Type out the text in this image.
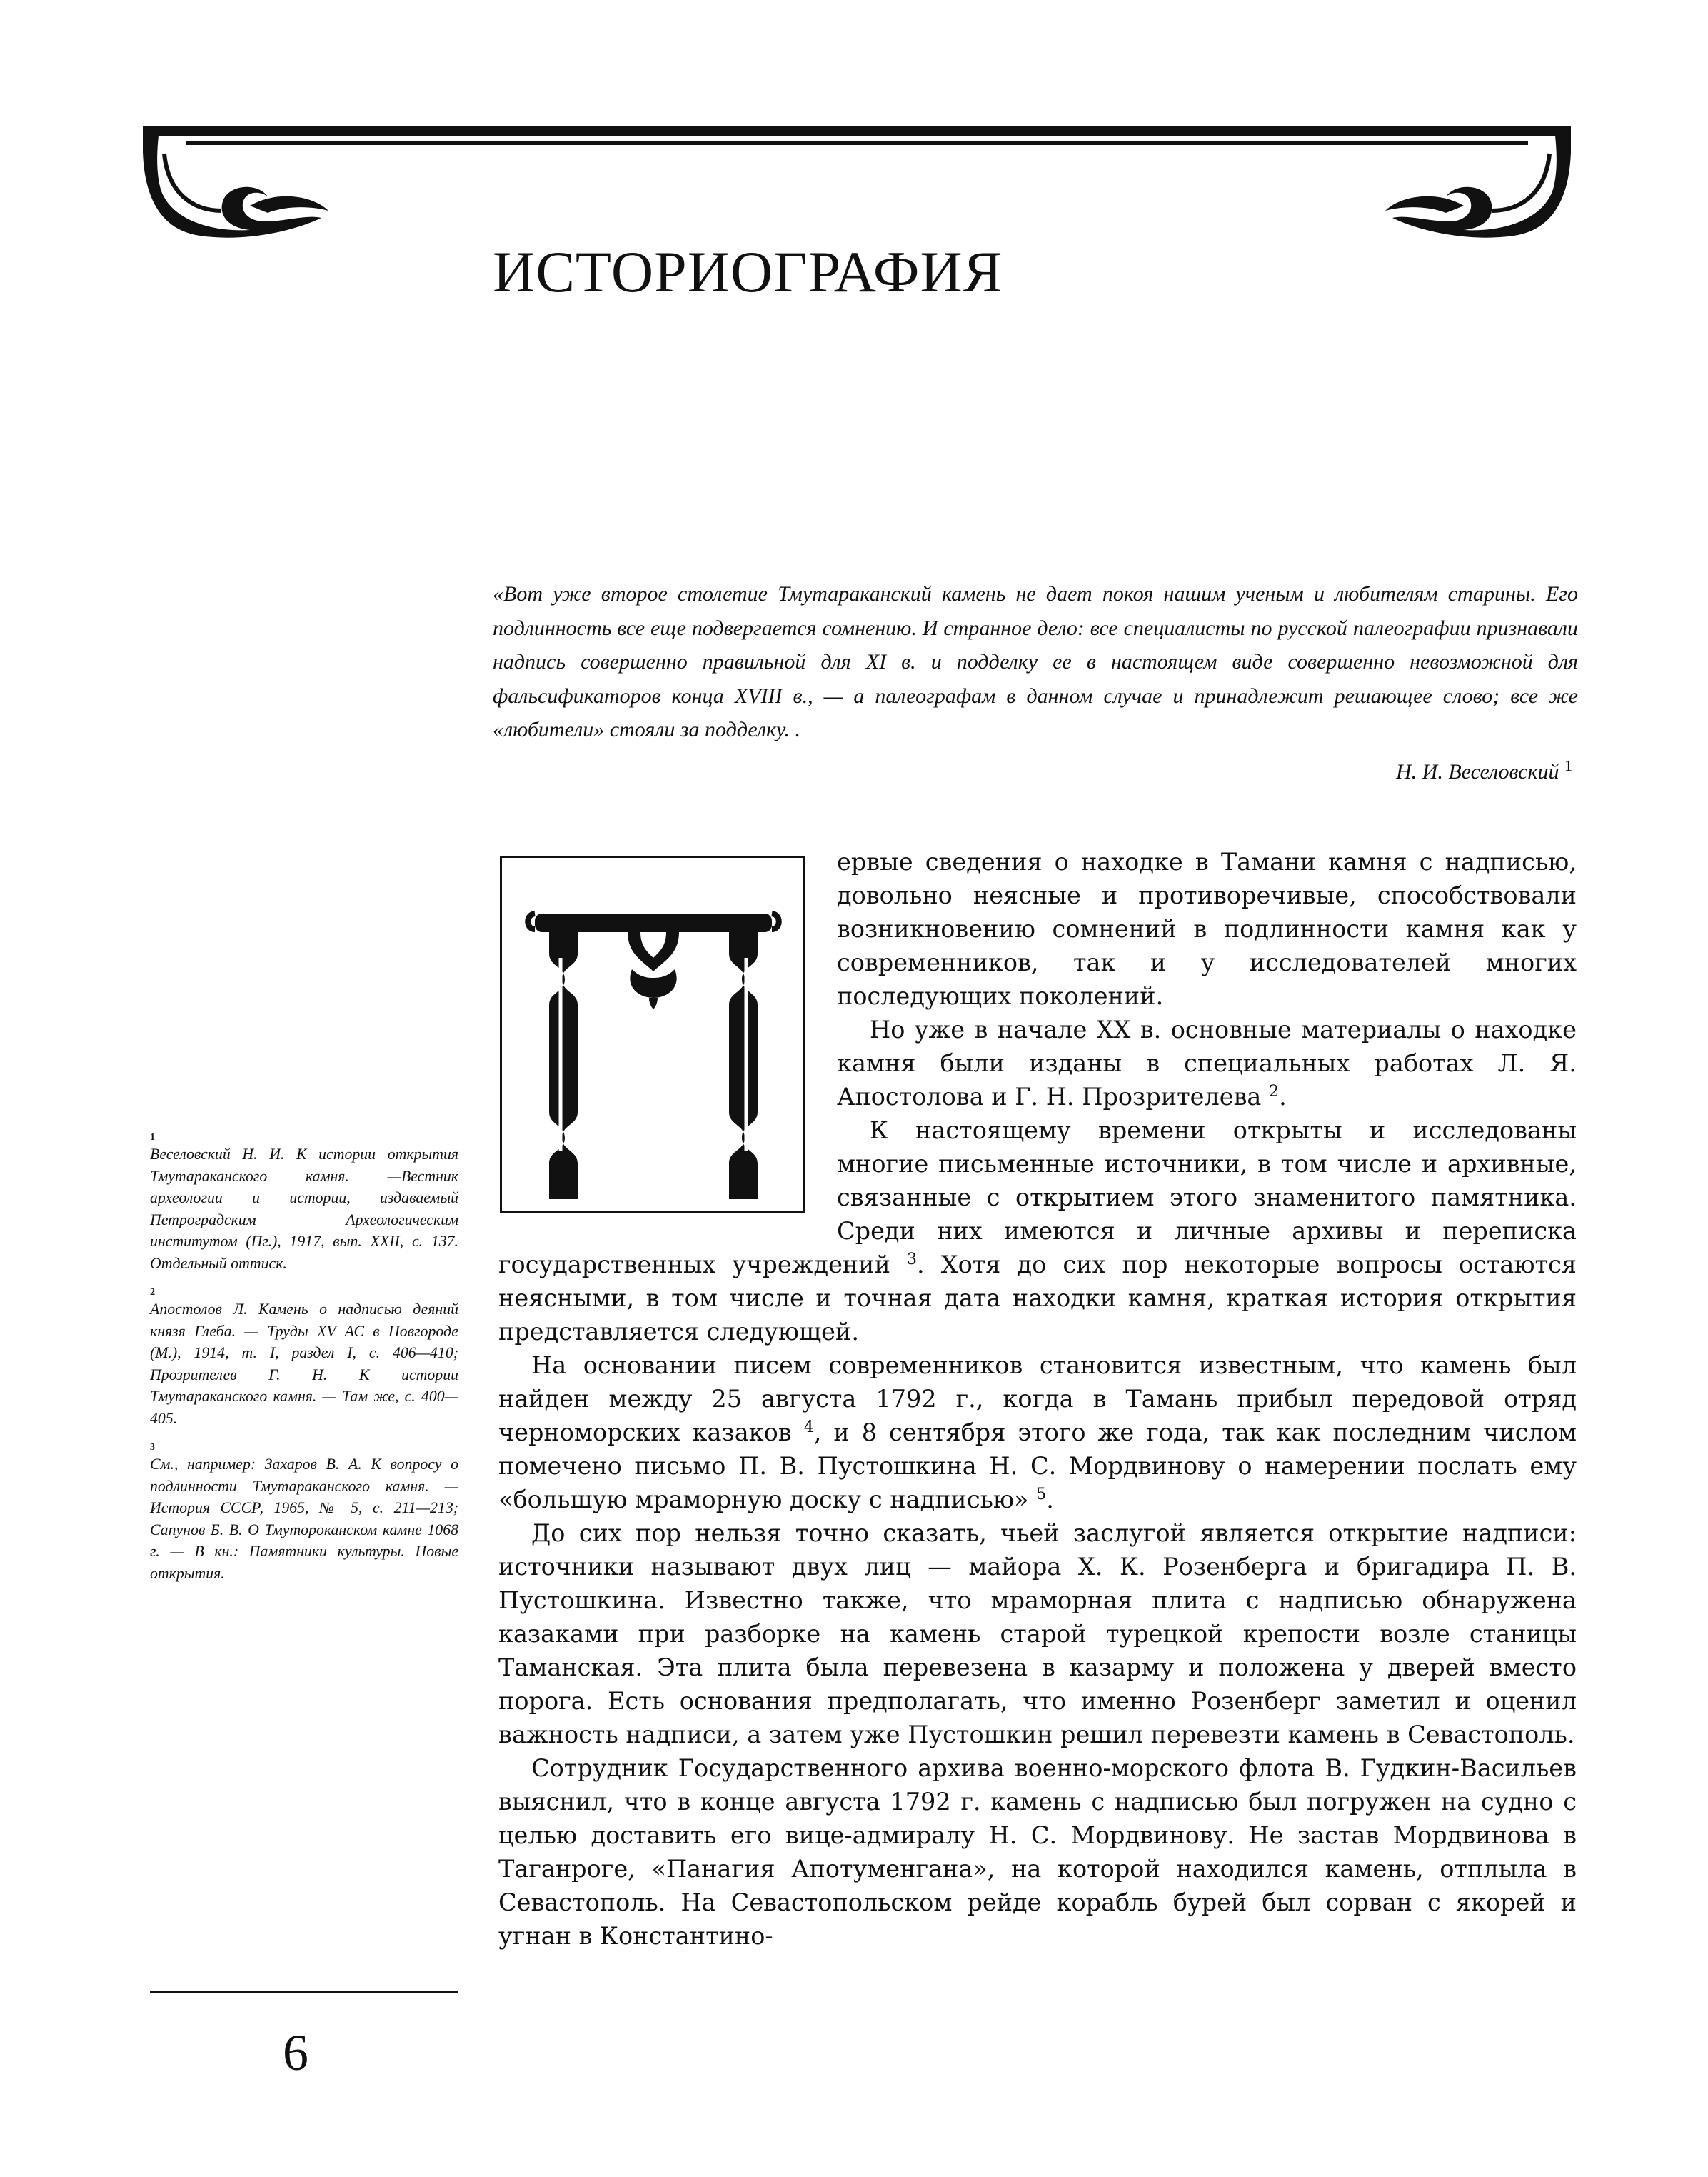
ИСТОРИОГРАФИЯ

«Вот уже второе столетие Тмутараканский камень не дает покоя нашим ученым и любителям старины. Его подлинность все еще подвергается сомнению. И странное дело: все специалисты по русской палеографии признавали надпись совершенно правильной для XI в. и подделку ее в настоящем виде совершенно невозможной для фальсификаторов конца XVIII в., — а палеографам в данном случае и принадлежит решающее слово; все же «любители» стояли за подделку. .

Н. И. Веселовский $^1$

ервые сведения о находке в Тамани камня с надписью, довольно неясные и противоречивые, способствовали возникновению сомнений в подлинности камня как у современников, так и у исследователей многих последующих поколений.

Но уже в начале XX в. основные материалы о находке камня были изданы в специальных работах Л. Я. Апостолова и Г. Н. Прозрителева $^2$.

К настоящему времени открыты и исследованы многие письменные источники, в том числе и архивные, связанные с открытием этого знаменитого памятника. Среди них имеются и личные архивы и переписка государственных учреждений $^3$. Хотя до сих пор некоторые вопросы остаются неясными, в том числе и точная дата находки камня, краткая история открытия представляется следующей.

На основании писем современников становится известным, что камень был найден между 25 августа 1792 г., когда в Тамань прибыл передовой отряд черноморских казаков $^4$, и 8 сентября этого же года, так как последним числом помечено письмо П. В. Пустошкина Н. С. Мордвинову о намерении послать ему «большую мраморную доску с надписью» $^5$.

До сих пор нельзя точно сказать, чьей заслугой является открытие надписи: источники называют двух лиц — майора Х. К. Розенберга и бригадира П. В. Пустошкина. Известно также, что мраморная плита с надписью обнаружена казаками при разборке на камень старой турецкой крепости возле станицы Таманская. Эта плита была перевезена в казарму и положена у дверей вместо порога. Есть основания предполагать, что именно Розенберг заметил и оценил важность надписи, а затем уже Пустошкин решил перевезти камень в Севастополь.

Сотрудник Государственного архива военно-морского флота В. Гудкин-Васильев выяснил, что в конце августа 1792 г. камень с надписью был погружен на судно с целью доставить его вице-адмиралу Н. С. Мордвинову. Не застав Мордвинова в Таганроге, «Панагия Апотуменгана», на которой находился камень, отплыла в Севастополь. На Севастопольском рейде корабль бурей был сорван с якорей и угнан в Константино-

1
Веселовский Н. И. К истории открытия Тмутараканского камня. —Вестник археологии и истории, издаваемый Петроградским Археологическим институтом (Пг.), 1917, вып. XXII, с. 137. Отдельный оттиск.
2
Апостолов Л. Камень о надписью деяний князя Глеба. — Труды XV АС в Новгороде (М.), 1914, т. I, раздел I, с. 406—410; Прозрителев Г. Н. К истории Тмутараканского камня. — Там же, с. 400—405.
3
См., например: Захаров В. А. К вопросу о подлинности Тмутараканского камня. — История СССР, 1965, № 5, с. 211—213; Сапунов Б. В. О Тмутороканском камне 1068 г. — В кн.: Памятники культуры. Новые открытия.

6
